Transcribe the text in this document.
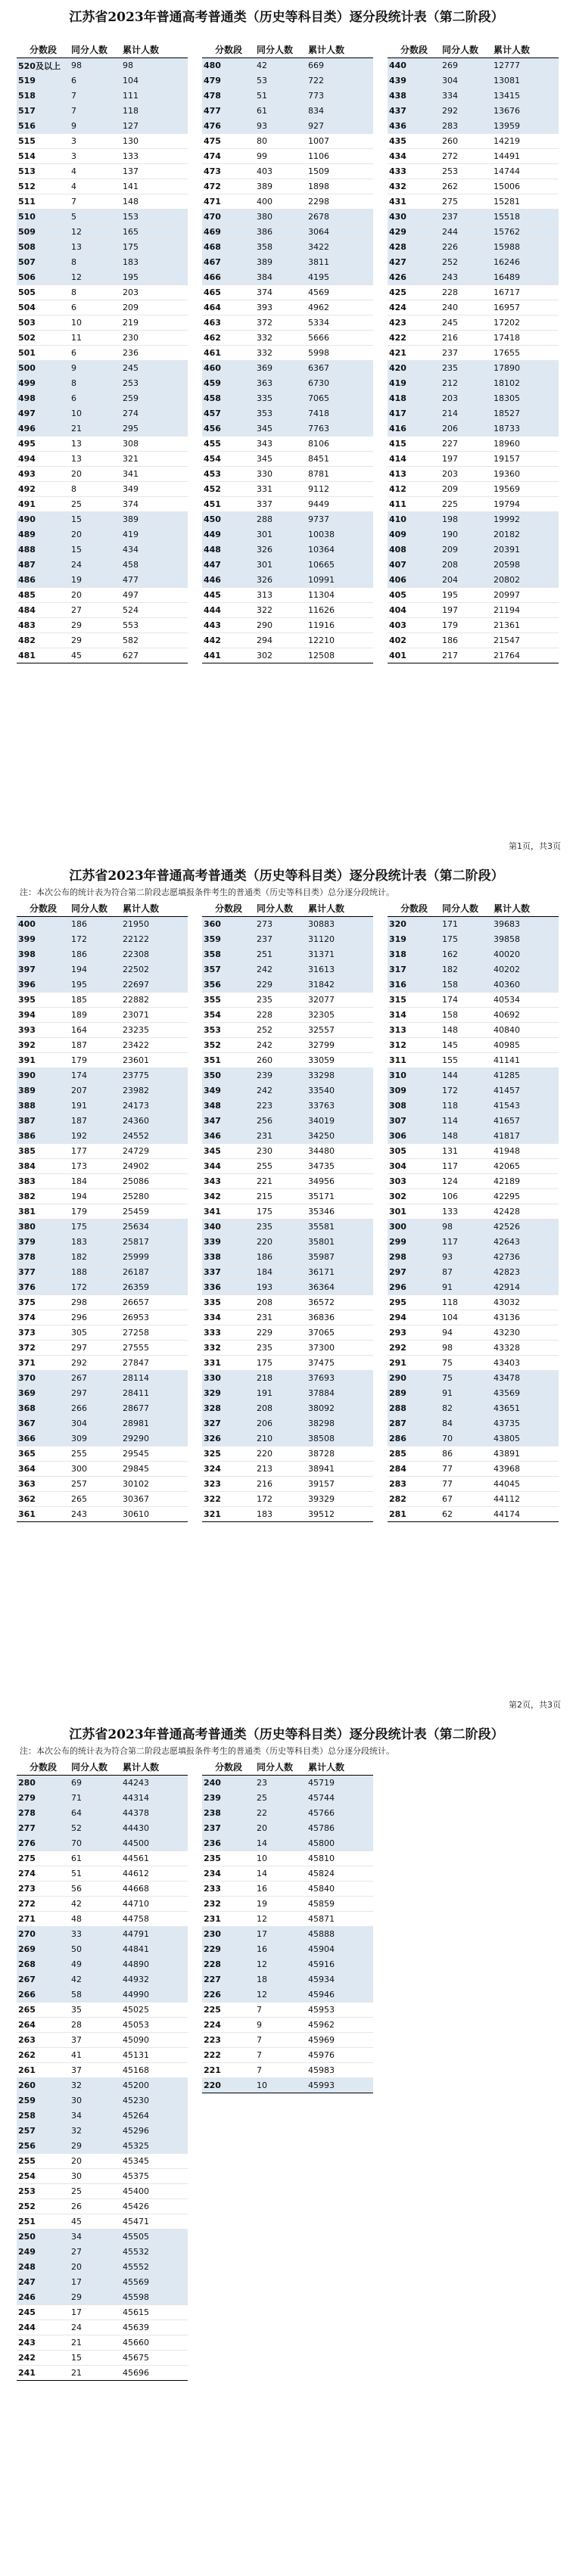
江苏省2023年普通高考普通类（历史等科目类）逐分段统计表（第二阶段）
分数段	同分人数	累计人数
520及以上	98	98
519	6	104
518	7	111
517	7	118
516	9	127
515	3	130
514	3	133
513	4	137
512	4	141
511	7	148
510	5	153
509	12	165
508	13	175
507	8	183
506	12	195
505	8	203
504	6	209
503	10	219
502	11	230
501	6	236
500	9	245
499	8	253
498	6	259
497	10	274
496	21	295
495	13	308
494	13	321
493	20	341
492	8	349
491	25	374
490	15	389
489	20	419
488	15	434
487	24	458
486	19	477
485	20	497
484	27	524
483	29	553
482	29	582
481	45	627
分数段	同分人数	累计人数
480	42	669
479	53	722
478	51	773
477	61	834
476	93	927
475	80	1007
474	99	1106
473	403	1509
472	389	1898
471	400	2298
470	380	2678
469	386	3064
468	358	3422
467	389	3811
466	384	4195
465	374	4569
464	393	4962
463	372	5334
462	332	5666
461	332	5998
460	369	6367
459	363	6730
458	335	7065
457	353	7418
456	345	7763
455	343	8106
454	345	8451
453	330	8781
452	331	9112
451	337	9449
450	288	9737
449	301	10038
448	326	10364
447	301	10665
446	326	10991
445	313	11304
444	322	11626
443	290	11916
442	294	12210
441	302	12508
分数段	同分人数	累计人数
440	269	12777
439	304	13081
438	334	13415
437	292	13676
436	283	13959
435	260	14219
434	272	14491
433	253	14744
432	262	15006
431	275	15281
430	237	15518
429	244	15762
428	226	15988
427	252	16246
426	243	16489
425	228	16717
424	240	16957
423	245	17202
422	216	17418
421	237	17655
420	235	17890
419	212	18102
418	203	18305
417	214	18527
416	206	18733
415	227	18960
414	197	19157
413	203	19360
412	209	19569
411	225	19794
410	198	19992
409	190	20182
408	209	20391
407	208	20598
406	204	20802
405	195	20997
404	197	21194
403	179	21361
402	186	21547
401	217	21764
第1页，共3页
江苏省2023年普通高考普通类（历史等科目类）逐分段统计表（第二阶段）
注：本次公布的统计表为符合第二阶段志愿填报条件考生的普通类（历史等科目类）总分逐分段统计。
分数段	同分人数	累计人数
400	186	21950
399	172	22122
398	186	22308
397	194	22502
396	195	22697
395	185	22882
394	189	23071
393	164	23235
392	187	23422
391	179	23601
390	174	23775
389	207	23982
388	191	24173
387	187	24360
386	192	24552
385	177	24729
384	173	24902
383	184	25086
382	194	25280
381	179	25459
380	175	25634
379	183	25817
378	182	25999
377	188	26187
376	172	26359
375	298	26657
374	296	26953
373	305	27258
372	297	27555
371	292	27847
370	267	28114
369	297	28411
368	266	28677
367	304	28981
366	309	29290
365	255	29545
364	300	29845
363	257	30102
362	265	30367
361	243	30610
分数段	同分人数	累计人数
360	273	30883
359	237	31120
358	251	31371
357	242	31613
356	229	31842
355	235	32077
354	228	32305
353	252	32557
352	242	32799
351	260	33059
350	239	33298
349	242	33540
348	223	33763
347	256	34019
346	231	34250
345	230	34480
344	255	34735
343	221	34956
342	215	35171
341	175	35346
340	235	35581
339	220	35801
338	186	35987
337	184	36171
336	193	36364
335	208	36572
334	231	36836
333	229	37065
332	235	37300
331	175	37475
330	218	37693
329	191	37884
328	208	38092
327	206	38298
326	210	38508
325	220	38728
324	213	38941
323	216	39157
322	172	39329
321	183	39512
分数段	同分人数	累计人数
320	171	39683
319	175	39858
318	162	40020
317	182	40202
316	158	40360
315	174	40534
314	158	40692
313	148	40840
312	145	40985
311	155	41141
310	144	41285
309	172	41457
308	118	41543
307	114	41657
306	148	41817
305	131	41948
304	117	42065
303	124	42189
302	106	42295
301	133	42428
300	98	42526
299	117	42643
298	93	42736
297	87	42823
296	91	42914
295	118	43032
294	104	43136
293	94	43230
292	98	43328
291	75	43403
290	75	43478
289	91	43569
288	82	43651
287	84	43735
286	70	43805
285	86	43891
284	77	43968
283	77	44045
282	67	44112
281	62	44174
第2页，共3页
江苏省2023年普通高考普通类（历史等科目类）逐分段统计表（第二阶段）
注：本次公布的统计表为符合第二阶段志愿填报条件考生的普通类（历史等科目类）总分逐分段统计。
分数段	同分人数	累计人数
280	69	44243
279	71	44314
278	64	44378
277	52	44430
276	70	44500
275	61	44561
274	51	44612
273	56	44668
272	42	44710
271	48	44758
270	33	44791
269	50	44841
268	49	44890
267	42	44932
266	58	44990
265	35	45025
264	28	45053
263	37	45090
262	41	45131
261	37	45168
260	32	45200
259	30	45230
258	34	45264
257	32	45296
256	29	45325
255	20	45345
254	30	45375
253	25	45400
252	26	45426
251	45	45471
250	34	45505
249	27	45532
248	20	45552
247	17	45569
246	29	45598
245	17	45615
244	24	45639
243	21	45660
242	15	45675
241	21	45696
分数段	同分人数	累计人数
240	23	45719
239	25	45744
238	22	45766
237	20	45786
236	14	45800
235	10	45810
234	14	45824
233	16	45840
232	19	45859
231	12	45871
230	17	45888
229	16	45904
228	12	45916
227	18	45934
226	12	45946
225	7	45953
224	9	45962
223	7	45969
222	7	45976
221	7	45983
220	10	45993
